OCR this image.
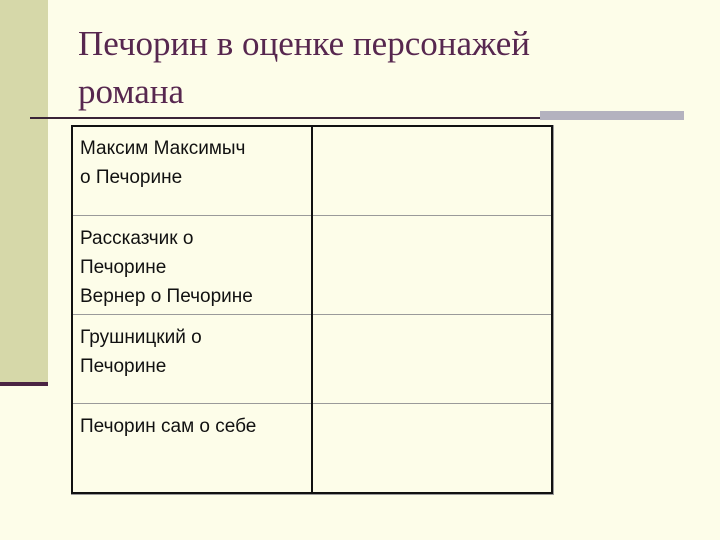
Печорин в оценке персонажей
романа
Максим Максимыч
о Печорине	

Рассказчик о
Печорине
Вернер о Печорине	

Грушницкий о
Печорине	

Печорин сам о себе	
